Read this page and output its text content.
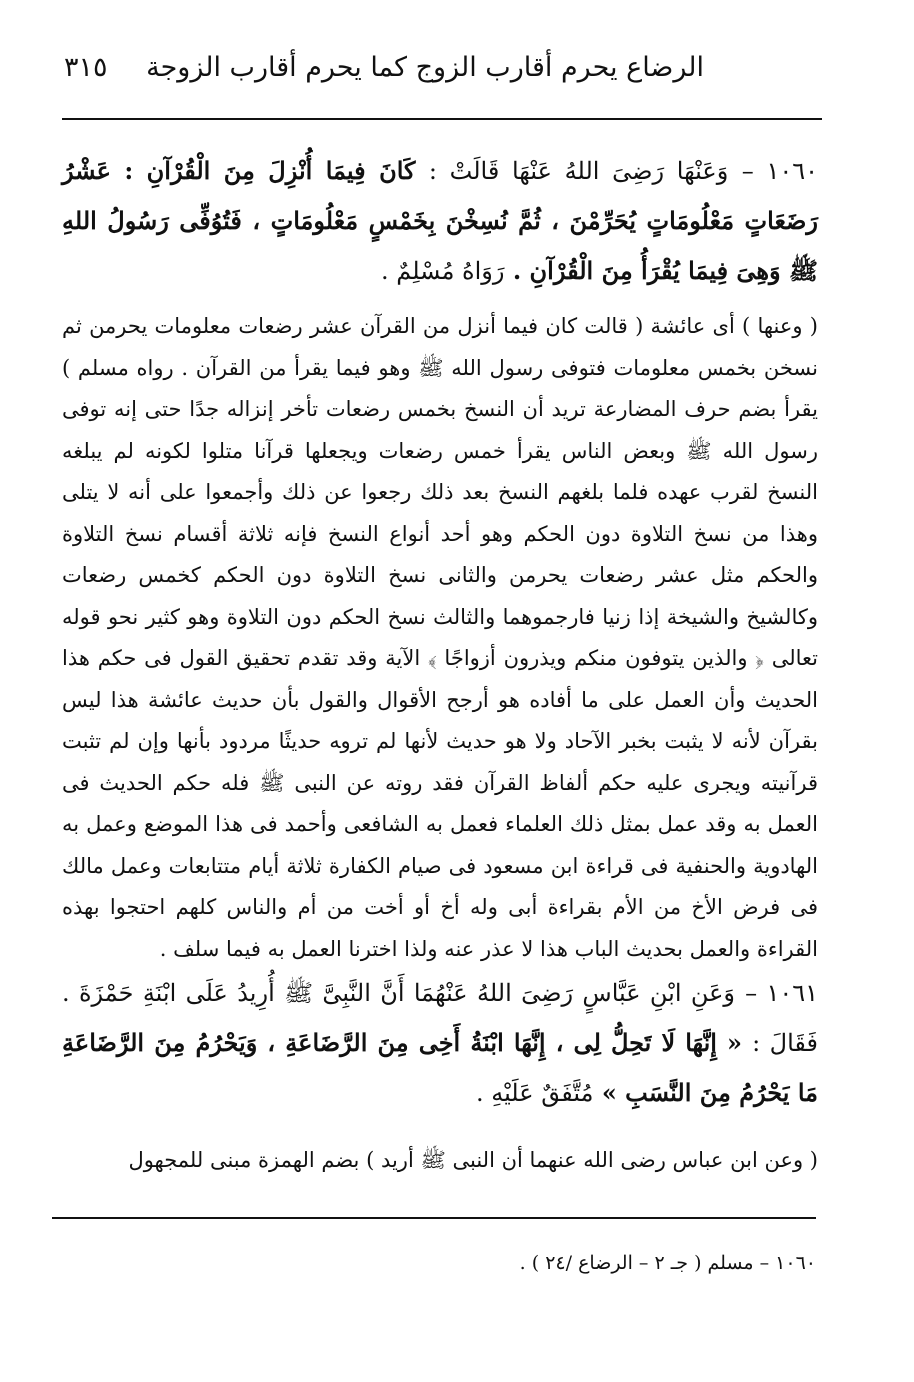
الرضاع يحرم أقارب الزوج كما يحرم أقارب الزوجة
٣١٥
١٠٦٠ – وَعَنْهَا رَضِىَ اللهُ عَنْهَا قَالَتْ : كَانَ فِيمَا أُنْزِلَ مِنَ الْقُرْآنِ : عَشْرُ رَضَعَاتٍ مَعْلُومَاتٍ يُحَرِّمْنَ ، ثُمَّ نُسِخْنَ بِخَمْسٍ مَعْلُومَاتٍ ، فَتُوُفِّى رَسُولُ اللهِ ﷺ وَهِىَ فِيمَا يُقْرَأُ مِنَ الْقُرْآنِ . رَوَاهُ مُسْلِمٌ .
( وعنها ) أى عائشة ( قالت كان فيما أنزل من القرآن عشر رضعات معلومات يحرمن ثم نسخن بخمس معلومات فتوفى رسول الله ﷺ وهو فيما يقرأ من القرآن . رواه مسلم ) يقرأ بضم حرف المضارعة تريد أن النسخ بخمس رضعات تأخر إنزاله جدًا حتى إنه توفى رسول الله ﷺ وبعض الناس يقرأ خمس رضعات ويجعلها قرآنا متلوا لكونه لم يبلغه النسخ لقرب عهده فلما بلغهم النسخ بعد ذلك رجعوا عن ذلك وأجمعوا على أنه لا يتلى وهذا من نسخ التلاوة دون الحكم وهو أحد أنواع النسخ فإنه ثلاثة أقسام نسخ التلاوة والحكم مثل عشر رضعات يحرمن والثانى نسخ التلاوة دون الحكم كخمس رضعات وكالشيخ والشيخة إذا زنيا فارجموهما والثالث نسخ الحكم دون التلاوة وهو كثير نحو قوله تعالى ﴿ والذين يتوفون منكم ويذرون أزواجًا ﴾ الآية وقد تقدم تحقيق القول فى حكم هذا الحديث وأن العمل على ما أفاده هو أرجح الأقوال والقول بأن حديث عائشة هذا ليس بقرآن لأنه لا يثبت بخبر الآحاد ولا هو حديث لأنها لم ترو‍ه حديثًا مردود بأنها وإن لم تثبت قرآنيته ويجرى عليه حكم ألفاظ القرآن فقد روته عن النبى ﷺ فله حكم الحديث فى العمل به وقد عمل بمثل ذلك العلماء فعمل به الشافعى وأحمد فى هذا الموضع وعمل به الهادوية والحنفية فى قراءة ابن مسعود فى صيام الكفارة ثلاثة أيام متتابعات وعمل مالك فى فرض الأخ من الأم بقراءة أبى وله أخ أو أخت من أم والناس كلهم احتجوا بهذه القراءة والعمل بحديث الباب هذا لا عذر عنه ولذا اخترنا العمل به فيما سلف .
١٠٦١ – وَعَنِ ابْنِ عَبَّاسٍ رَضِىَ اللهُ عَنْهُمَا أَنَّ النَّبِىَّ ﷺ أُرِيدُ عَلَى ابْنَةِ حَمْزَةَ . فَقَالَ : « إِنَّهَا لَا تَحِلُّ لِى ، إِنَّهَا ابْنَةُ أَخِى مِنَ الرَّضَاعَةِ ، وَيَحْرُمُ مِنَ الرَّضَاعَةِ مَا يَحْرُمُ مِنَ النَّسَبِ » مُتَّفَقٌ عَلَيْهِ .
( وعن ابن عباس رضى الله عنهما أن النبى ﷺ أريد ) بضم الهمزة مبنى للمجهول
١٠٦٠ – مسلم ( جـ ٢ – الرضاع /٢٤ ) .
